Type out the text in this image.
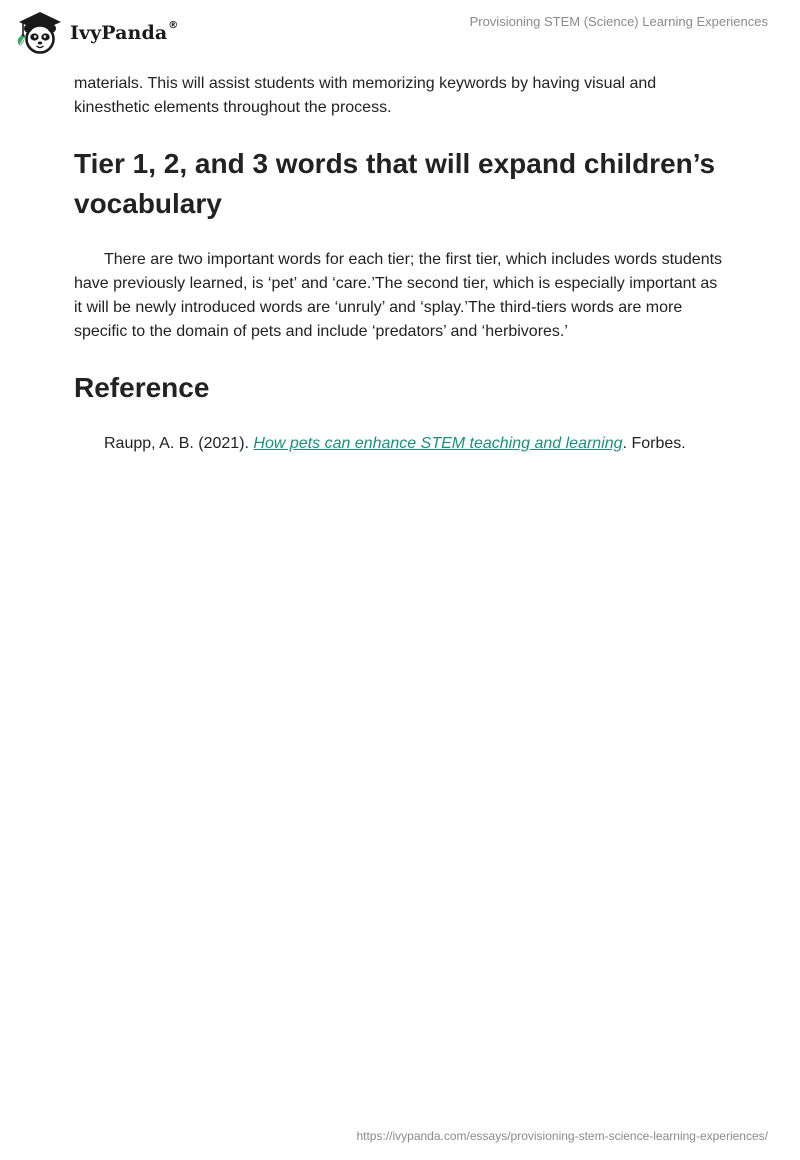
IvyPanda®	Provisioning STEM (Science) Learning Experiences

materials. This will assist students with memorizing keywords by having visual and kinesthetic elements throughout the process.

Tier 1, 2, and 3 words that will expand children’s vocabulary

There are two important words for each tier; the first tier, which includes words students have previously learned, is ‘pet’ and ‘care.’The second tier, which is especially important as it will be newly introduced words are ‘unruly’ and ‘splay.’The third-tiers words are more specific to the domain of pets and include ‘predators’ and ‘herbivores.’

Reference

Raupp, A. B. (2021). How pets can enhance STEM teaching and learning. Forbes.

https://ivypanda.com/essays/provisioning-stem-science-learning-experiences/
